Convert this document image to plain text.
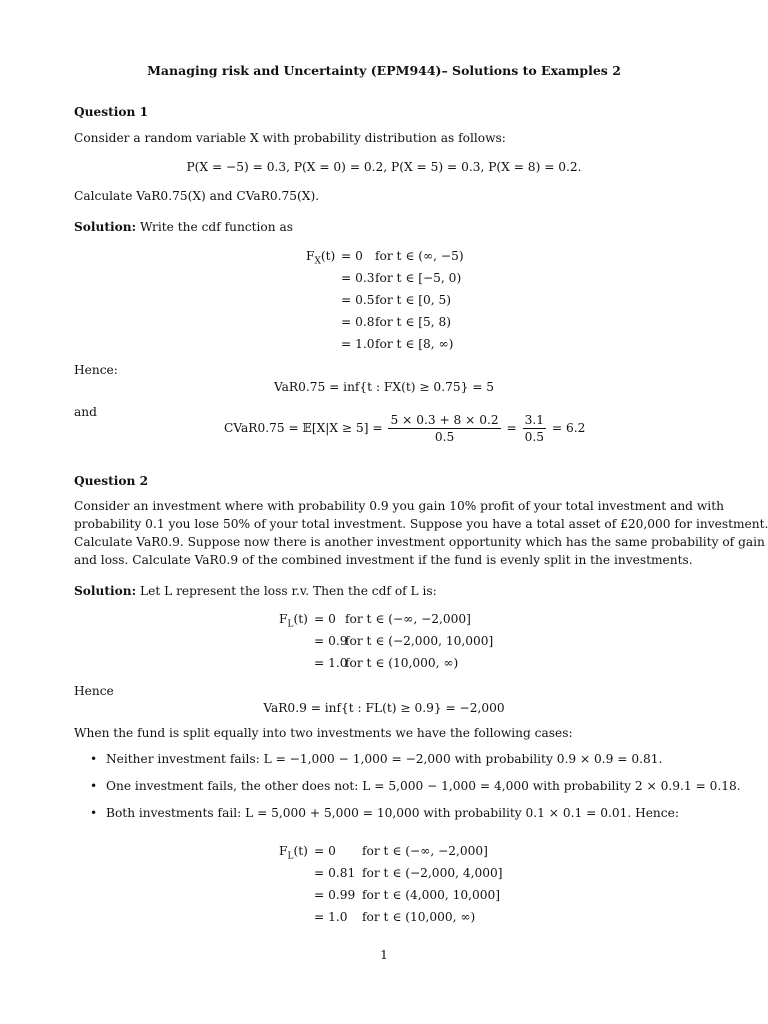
Managing risk and Uncertainty (EPM944)– Solutions to Examples 2
Question 1
Consider a random variable X with probability distribution as follows:
P(X = −5) = 0.3, P(X = 0) = 0.2, P(X = 5) = 0.3, P(X = 8) = 0.2.
Calculate VaR0.75(X) and CVaR0.75(X).
Solution: Write the cdf function as
$F_X(t) = 0$ for t ∈ (∞, −5)
= 0.3 for t ∈ [−5, 0)
= 0.5 for t ∈ [0, 5)
= 0.8 for t ∈ [5, 8)
= 1.0 for t ∈ [8, ∞)
Hence:
VaR0.75 = inf{t : FX(t) ≥ 0.75} = 5
and
CVaR0.75 = 𝔼[X|X ≥ $5] = \frac{5 \times 0.3 + 8 \times 0.2}{0.5} = \frac{3.1}{0.5} = 6.2$
Question 2
Consider an investment where with probability 0.9 you gain 10% profit of your total investment and with
probability 0.1 you lose 50% of your total investment. Suppose you have a total asset of £20,000 for investment.
Calculate VaR0.9. Suppose now there is another investment opportunity which has the same probability of gain
and loss. Calculate VaR0.9 of the combined investment if the fund is evenly split in the investments.
Solution: Let L represent the loss r.v. Then the cdf of L is:
$F_L(t) = 0$ for t ∈ (−∞, −2,000]
= 0.9
for t ∈ (−2,000, 10,000]
= 1.0
for t ∈ (10,000, ∞)
Hence
VaR0.9 = inf{t : FL(t) ≥ 0.9} = −2,000
When the fund is split equally into two investments we have the following cases:
• Neither investment fails: L = −1,000 − 1,000 = −2,000 with probability 0.9 × 0.9 = 0.81.
• One investment fails, the other does not: L = 5,000 − 1,000 = 4,000 with probability 2 × 0.9.1 = 0.18.
• Both investments fail: L = 5,000 + 5,000 = 10,000 with probability 0.1 × 0.1 = 0.01. Hence:
$F_L(t) = 0$ for t ∈ (−∞, −2,000]
= 0.81 for t ∈ (−2,000, 4,000]
= 0.99 for t ∈ (4,000, 10,000]
= 1.0 for t ∈ (10,000, ∞)
1
